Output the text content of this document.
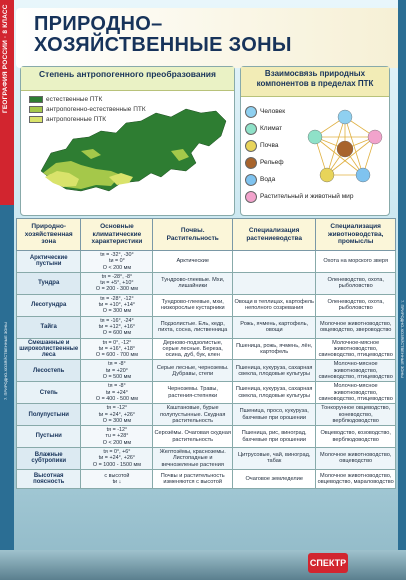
ГЕОГРАФИЯ РОССИИ · 8 КЛАСС
7. ПРИРОДНО-ХОЗЯЙСТВЕННЫЕ ЗОНЫ	7. ПРИРОДНО-ХОЗЯЙСТВЕННЫЕ ЗОНЫ
ПРИРОДНО–
ХОЗЯЙСТВЕННЫЕ ЗОНЫ
Степень антропогенного преобразования
естественные ПТК
антропогенно-естественные ПТК
антропогенные ПТК
Взаимосвязь природных компонентов в пределах ПТК
Человек
Климат
Почва
Рельеф
Вода
Растительный и животный мир
Природно-хозяйственная зона	Основные климатические характеристики	Почвы. Растительность	Специализация растениеводства	Специализация животноводства, промыслы
Арктические пустыни	tя = -32°, -30°
tи = 0°
О < 200 мм	Арктические		Охота на морского зверя
Тундра	tя = -28°, -8°
tи = +5°, +10°
О = 200 - 300 мм	Тундрово-глеевые. Мхи, лишайники		Оленеводство, охота, рыболовство
Лесотундра	tя = -28°, -12°
tи = +10°, +14°
О = 300 мм	Тундрово-глеевые, мхи, низкорослые кустарники	Овощи в теплицах, картофель неполного созревания	Оленеводство, охота, рыболовство
Тайга	tя = -16°, -24°
tи = +12°, +16°
О = 600 мм	Подзолистые. Ель, кедр, пихта, сосна, лиственница	Рожь, ячмень, картофель, овощи	Молочное животноводство, овцеводство, звероводство
Смешанные и широколиственные леса	tя = 0°, -12°
tи = +16°, +18°
О = 600 - 700 мм	Дерново-подзолистые, серые лесные. Береза, осина, дуб, бук, клен	Пшеница, рожь, ячмень, лён, картофель	Молочное-мясное животноводство, свиноводство, птицеводство
Лесостепь	tя = -8°
tи = +20°
О = 500 мм	Серые лесные, черноземы. Дубравы, степи	Пшеница, кукуруза, сахарная свекла, плодовые культуры	Молочно-мясное животноводство, свиноводство, птицеводство
Степь	tя = -8°
tи = +24°
О = 400 - 500 мм	Черноземы. Травы, растения-степняки	Пшеница, кукуруза, сахарная свекла, плодовые культуры	Молочно-мясное животноводство, свиноводство, птицеводство
Полупустыни	tя = -12°
tи = +24°, +26°
О = 300 мм	Каштановые, бурые полупустынные. Скудная растительность	Пшеница, просо, кукуруза, бахчевые при орошении	Тонкорунное овцеводство, коневодство, верблюдоводство
Пустыни	tя = -12°
тu = +28°
О < 200 мм	Серозёмы. Очаговая скудная растительность	Пшеница, рис, виноград, бахчевые при орошении	Овцеводство, козоводство, верблюдоводство
Влажные субтропики	tя = 0°, +6°
tи = +24°, +26°
О = 1000 - 1500 мм	Желтозёмы, красноземы. Листопадные и вечнозеленые растения	Цитрусовые, чай, виноград, табак	Молочное животноводство, овцеводство
Высотная поясность	с высотой
tи ↓	Почвы и растительность изменяются с высотой	Очаговое земледелие	Молочное животноводство, овцеводство, мараловодство
СПЕКТР
